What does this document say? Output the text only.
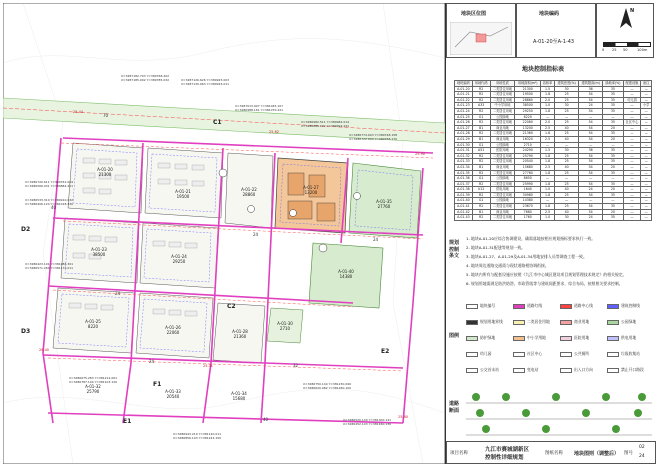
A-01-20
21300
A-01-21
19500
A-01-22
28860
A-01-27
13200
A-01-35
27760
A-01-23
38500	A-01-24
29250
A-01-40
14380
A-01-25
8220	A-01-26
22060	A-01-28
21360
A-01-30
2710
A-01-32
25790	A-01-33
20540
A-01-34
15680
X=3287182.793 Y=380768.202
X=3287185.092 Y=380785.032	X=3287126.626 Y=380925.003
X=3287130.963 Y=380925.011
X=3287013.907 Y=381045.107
X=3286988.161 Y=381070.221
X=3286982.511 Y=380982.014
X=3286886.102 Y=380992.241
X=3286774.043 Y=380748.158
X=3286722.044 Y=380758.170
X=3286720.611 Y=380761.004
X=3286566.031 Y=380884.221
X=3286533.310 Y=380910.032
X=3286406.124 Y=381018.230
X=3286423.101 Y=381086.301
X=3286571.260 Y=381170.011
X=3286675.283 Y=381212.061
X=3286787.104 Y=381103.120
X=3286943.210 Y=381120.011
X=3286856.103 Y=381243.150
X=3286750.144 Y=381230.090
X=3286620.082 Y=381260.100
X=3286520.140 Y=381300.141
X=3286452.103 Y=381160.130
C1
C2
D2
D3
E1
E2
F1
70
40
24
24
24
32
24
40
25.44
25.62
25.90
26.40
25.31
25.80
地块区位图	地块编码
A-01-20至A-1-43
N
0 25 50	100m
地块控制指标表
地块编码	用地代码	用地性质	用地面积(m²)	容积率	建筑密度(%)	建筑限高(m)	绿地率(%)	配建设施	备注
A-01-20	R2	二类居住用地	21300	1.5	30	36	35	—	—
A-01-21	R2	二类居住用地	19500	1.8	25	54	35	—	—
A-01-22	R2	二类居住用地	28860	2.0	25	54	35	幼儿园	—
A-01-23	A33	中小学用地	38500	1.0	30	24	35	—	小学
A-01-24	R2	二类居住用地	29250	1.8	25	54	35	—	—
A-01-25	G1	公园绿地	8220	—	—	—	—	—	—
A-01-26	R2	二类居住用地	22060	2.0	25	54	35	社区中心	—
A-01-27	B1	商业用地	13200	2.5	40	54	20	—	—
A-01-28	R2	二类居住用地	21360	1.8	25	54	35	—	—
A-01-29	B1	商业用地	16320	2.5	40	54	20	—	—
A-01-30	G1	公园绿地	2710	—	—	—	—	—	—
A-01-31	A51	医院用地	24290	1.5	30	36	35	—	—
A-01-32	R2	二类居住用地	25790	1.8	25	54	35	—	—
A-01-33	R2	二类居住用地	20540	1.8	25	54	35	—	—
A-01-34	B1	商业用地	15680	2.5	40	54	20	—	—
A-01-35	R2	二类居住用地	27760	1.8	25	54	35	—	—
A-01-36	G1	公园绿地	8650	—	—	—	—	—	—
A-01-37	R2	二类居住用地	25990	1.8	25	54	35	—	—
A-01-38	U12	供电用地	1640	1.0	40	24	20	—	—
A-01-39	R2	二类居住用地	30980	1.8	25	54	35	—	—
A-01-40	G1	公园绿地	14380	—	—	—	—	—	—
A-01-41	R2	二类居住用地	23670	1.8	25	54	35	—	—
A-01-42	B1	商业用地	7660	2.5	40	54	20	—	—
A-01-43	R2	二类居住用地	1760	1.0	30	24	35	—	—
规划控制条文
1. 地块A-01-20应综合协调建设，确需落地按相应规划指标要求执行一致。
2. 地块A-01-31配建等规划一致。
3. 地块A-01-27、A-01-29及A-01-34用地安排人员等调查工程一致。
4. 地块周边道路交通需与现状道路相协调衔接。
5. 地块内所有与配套设施应按照《九江市中心城区建设项目规划管理技术规定》的相关规定。
6. 规划用地需满足防洪防涝、市政管线等与建筑间距要求，综合布局，按照相关要求控制。
图例
地块编号	道路红线	道路中心线	建筑控制线
规划用地界线	二类居住用地	商业用地	公园绿地
防护绿地	中小学用地	医院用地	供电用地
幼儿园	社区中心	公共厕所	垃圾收集站
公交首末站	变电站	出入口方向	禁止开口路段
道路断面
项目名称
九江市赛城湖新区
控制性详细规划
图纸名称 地块图则（调整后） 图号
02
24
